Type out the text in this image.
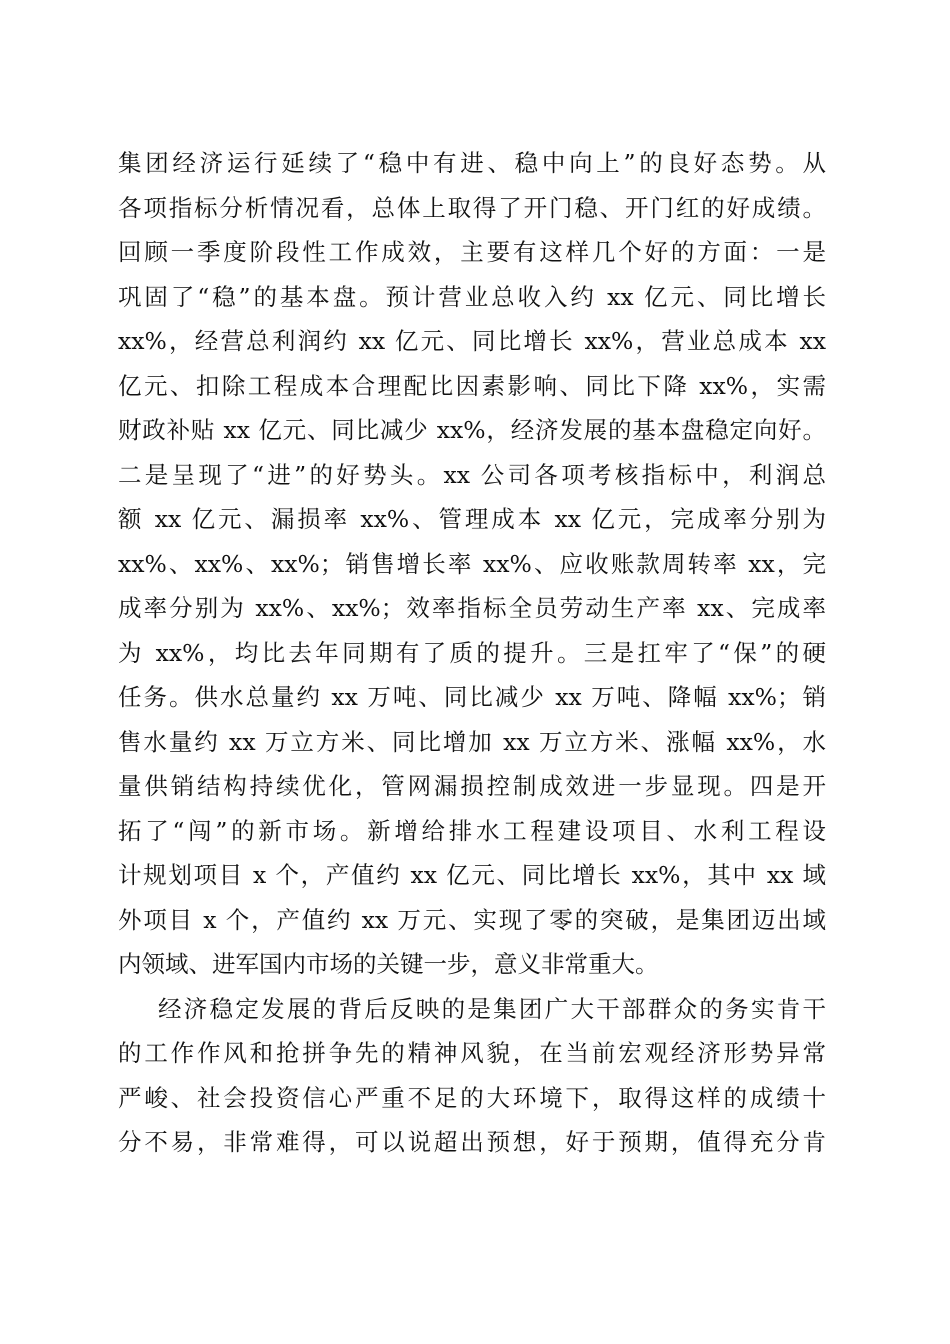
集团经济运行延续了“稳中有进、稳中向上”的良好态势。从
各项指标分析情况看，总体上取得了开门稳、开门红的好成绩。
回顾一季度阶段性工作成效，主要有这样几个好的方面：一是
巩固了“稳”的基本盘。预计营业总收入约 xx 亿元、同比增长
xx%，经营总利润约 xx 亿元、同比增长 xx%，营业总成本 xx
亿元、扣除工程成本合理配比因素影响、同比下降 xx%，实需
财政补贴 xx 亿元、同比减少 xx%，经济发展的基本盘稳定向好。
二是呈现了“进”的好势头。xx 公司各项考核指标中，利润总
额 xx 亿元、漏损率 xx%、管理成本 xx 亿元，完成率分别为
xx%、xx%、xx%；销售增长率 xx%、应收账款周转率 xx，完
成率分别为 xx%、xx%；效率指标全员劳动生产率 xx、完成率
为 xx%，均比去年同期有了质的提升。三是扛牢了“保”的硬
任务。供水总量约 xx 万吨、同比减少 xx 万吨、降幅 xx%；销
售水量约 xx 万立方米、同比增加 xx 万立方米、涨幅 xx%，水
量供销结构持续优化，管网漏损控制成效进一步显现。四是开
拓了“闯”的新市场。新增给排水工程建设项目、水利工程设
计规划项目 x 个，产值约 xx 亿元、同比增长 xx%，其中 xx 域
外项目 x 个，产值约 xx 万元、实现了零的突破，是集团迈出域
内领域、进军国内市场的关键一步，意义非常重大。
经济稳定发展的背后反映的是集团广大干部群众的务实肯干
的工作作风和抢拼争先的精神风貌，在当前宏观经济形势异常
严峻、社会投资信心严重不足的大环境下，取得这样的成绩十
分不易，非常难得，可以说超出预想，好于预期，值得充分肯
